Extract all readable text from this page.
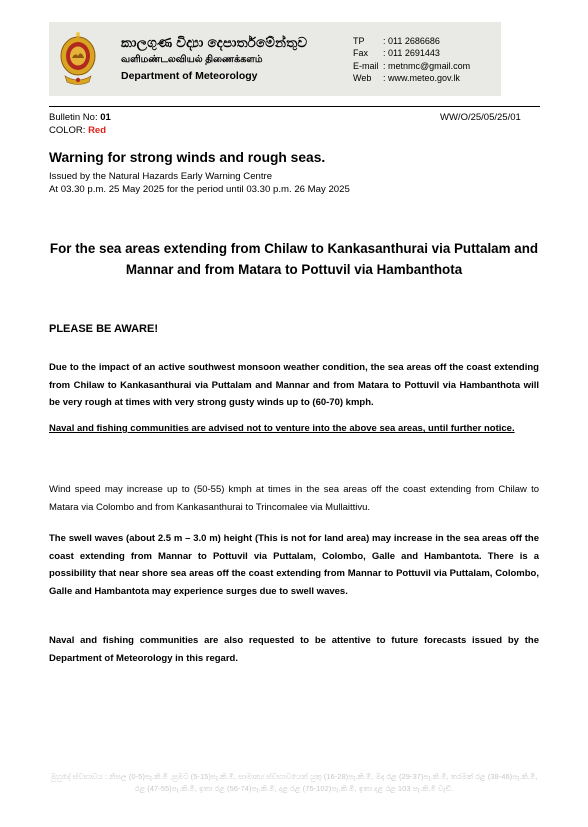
කාලගුණ විද්‍යා දෙපාර්තමේන්තුව
வளிமண்டலவியல் திணைக்களம்
Department of Meteorology
TP	: 011 2686686
Fax	: 011 2691443
E-mail : metnmc@gmail.com
Web	: www.meteo.gov.lk
Bulletin No: 01
COLOR: Red
WW/O/25/05/25/01
Warning for strong winds and rough seas.
Issued by the Natural Hazards Early Warning Centre
At 03.30 p.m. 25 May 2025 for the period until 03.30 p.m. 26 May 2025
For the sea areas extending from Chilaw to Kankasanthurai via Puttalam and Mannar and from Matara to Pottuvil via Hambanthota
PLEASE BE AWARE!
Due to the impact of an active southwest monsoon weather condition, the sea areas off the coast extending from Chilaw to Kankasanthurai via Puttalam and Mannar and from Matara to Pottuvil via Hambanthota will be very rough at times with very strong gusty winds up to (60-70) kmph.
Naval and fishing communities are advised not to venture into the above sea areas, until further notice.
Wind speed may increase up to (50-55) kmph at times in the sea areas off the coast extending from Chilaw to Matara via Colombo and from Kankasanthurai to Trincomalee via Mullaittivu.
The swell waves (about 2.5 m – 3.0 m) height (This is not for land area) may increase in the sea areas off the coast extending from Mannar to Pottuvil via Puttalam, Colombo, Galle and Hambantota. There is a possibility that near shore sea areas off the coast extending from Mannar to Pottuvil via Puttalam, Colombo, Galle and Hambantota may experience surges due to swell waves.
Naval and fishing communities are also requested to be attentive to future forecasts issued by the Department of Meteorology in this regard.
මුහුදේ ස්වභාවය : නිසල (0-5)පැ.කි.මී ,සුමට (5-15)පැ.කි.මී, සාමාන්‍ය ස්වභාවයෙන් යුතු (16-28)පැ.කි.මී, මද රළ (29-37)පැ.කි.මී, තරමක් රළ (38-46)පැ.කි.මී, රළ (47-55)පැ.කි.මී, ඉතා රළ (56-74)පැ.කි.මී, දළ රළ (75-102)පැ.කි.මී, ඉතා දළ රළ 103 පැ.කි.මී වැඩි.
